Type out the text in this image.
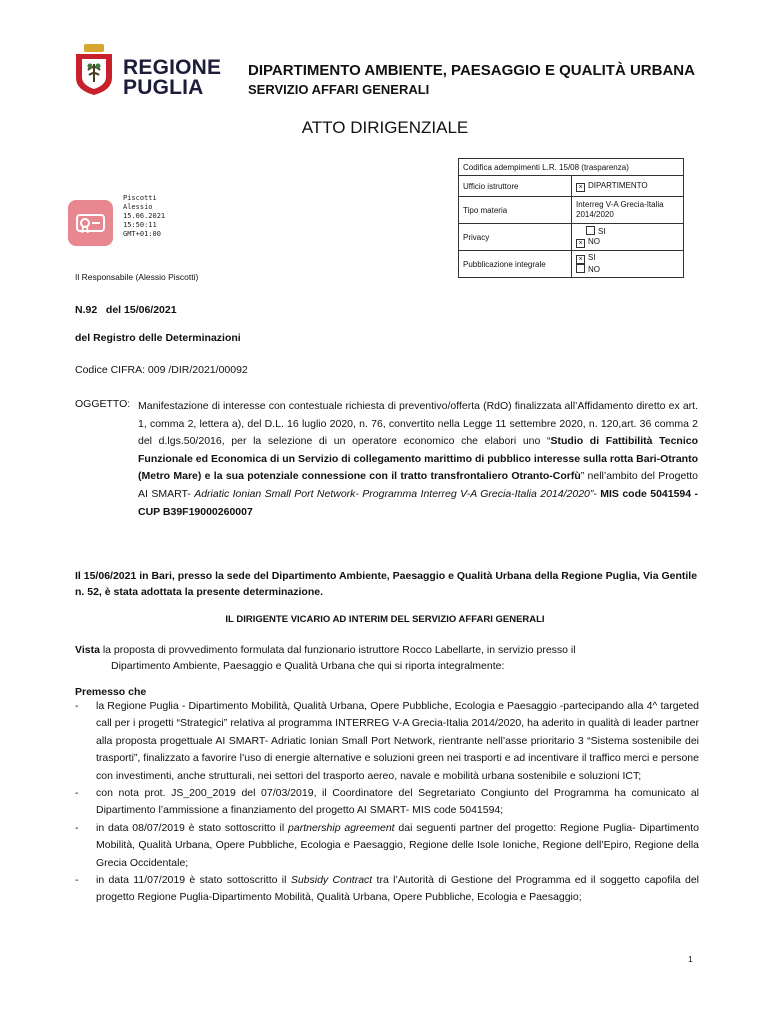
REGIONE
PUGLIA
DIPARTIMENTO AMBIENTE, PAESAGGIO E QUALITÀ URBANA
SERVIZIO AFFARI GENERALI
ATTO DIRIGENZIALE
Codifica adempimenti L.R. 15/08 (trasparenza)	
Ufficio istruttore	× DIPARTIMENTO
Tipo materia	Interreg V-A Grecia-Italia 2014/2020
Privacy	SI
× NO

Pubblicazione integrale	× SI
NO
Piscotti
Alessio
15.06.2021
15:50:11
GMT+01:00
Il Responsabile (Alessio Piscotti)
N.92   del 15/06/2021
del Registro delle Determinazioni
Codice CIFRA: 009 /DIR/2021/00092
OGGETTO: Manifestazione di interesse con contestuale richiesta di preventivo/offerta (RdO) finalizzata all’Affidamento diretto ex art. 1, comma 2, lettera a), del D.L. 16 luglio 2020, n. 76, convertito nella Legge 11 settembre 2020, n. 120,art. 36 comma 2 del d.lgs.50/2016, per la selezione di un operatore economico che elabori uno “Studio di Fattibilità Tecnico Funzionale ed Economica di un Servizio di collegamento marittimo di pubblico interesse sulla rotta Bari-Otranto (Metro Mare) e la sua potenziale connessione con il tratto transfrontaliero Otranto-Corfù” nell’ambito del Progetto AI SMART- Adriatic Ionian Small Port Network- Programma Interreg V-A Grecia-Italia 2014/2020”- MIS code 5041594 - CUP B39F19000260007
Il 15/06/2021 in Bari, presso la sede del Dipartimento Ambiente, Paesaggio e Qualità Urbana della Regione Puglia, Via Gentile n. 52, è stata adottata la presente determinazione.
IL DIRIGENTE VICARIO AD INTERIM DEL SERVIZIO AFFARI GENERALI
Vista la proposta di provvedimento formulata dal funzionario istruttore Rocco Labellarte, in servizio presso il
Dipartimento Ambiente, Paesaggio e Qualità Urbana che qui si riporta integralmente:
Premesso che
- la Regione Puglia - Dipartimento Mobilità, Qualità Urbana, Opere Pubbliche, Ecologia e Paesaggio -partecipando alla 4^ targeted call per i progetti “Strategici” relativa al programma INTERREG V-A Grecia-Italia 2014/2020, ha aderito in qualità di leader partner alla proposta progettuale AI SMART- Adriatic Ionian Small Port Network, rientrante nell’asse prioritario 3 “Sistema sostenibile dei trasporti”, finalizzato a favorire l’uso di energie alternative e soluzioni green nei trasporti e ad incentivare il traffico merci e persone con investimenti, anche strutturali, nei settori del trasporto aereo, navale e mobilità urbana sostenibile e soluzioni ICT;
- con nota prot. JS_200_2019 del 07/03/2019, il Coordinatore del Segretariato Congiunto del Programma ha comunicato al Dipartimento l’ammissione a finanziamento del progetto AI SMART- MIS code 5041594;
- in data 08/07/2019 è stato sottoscritto il partnership agreement dai seguenti partner del progetto: Regione Puglia- Dipartimento Mobilità, Qualità Urbana, Opere Pubbliche, Ecologia e Paesaggio, Regione delle Isole Ioniche, Regione dell’Epiro, Regione della Grecia Occidentale;
- in data 11/07/2019 è stato sottoscritto il Subsidy Contract tra l’Autorità di Gestione del Programma ed il soggetto capofila del progetto Regione Puglia-Dipartimento Mobilità, Qualità Urbana, Opere Pubbliche, Ecologia e Paesaggio;
1
